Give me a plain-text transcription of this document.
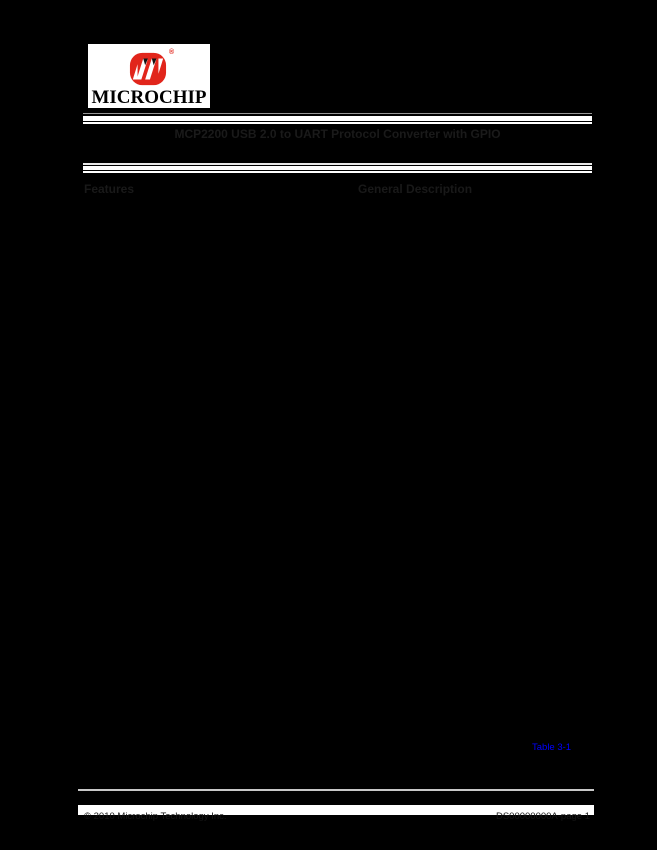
®
MICROCHIP
MCP2200 USB 2.0 to UART Protocol Converter with GPIO
Features	General Description
Table 3-1
© 2010 Microchip Technology Inc.	DS00000000A-page 1
